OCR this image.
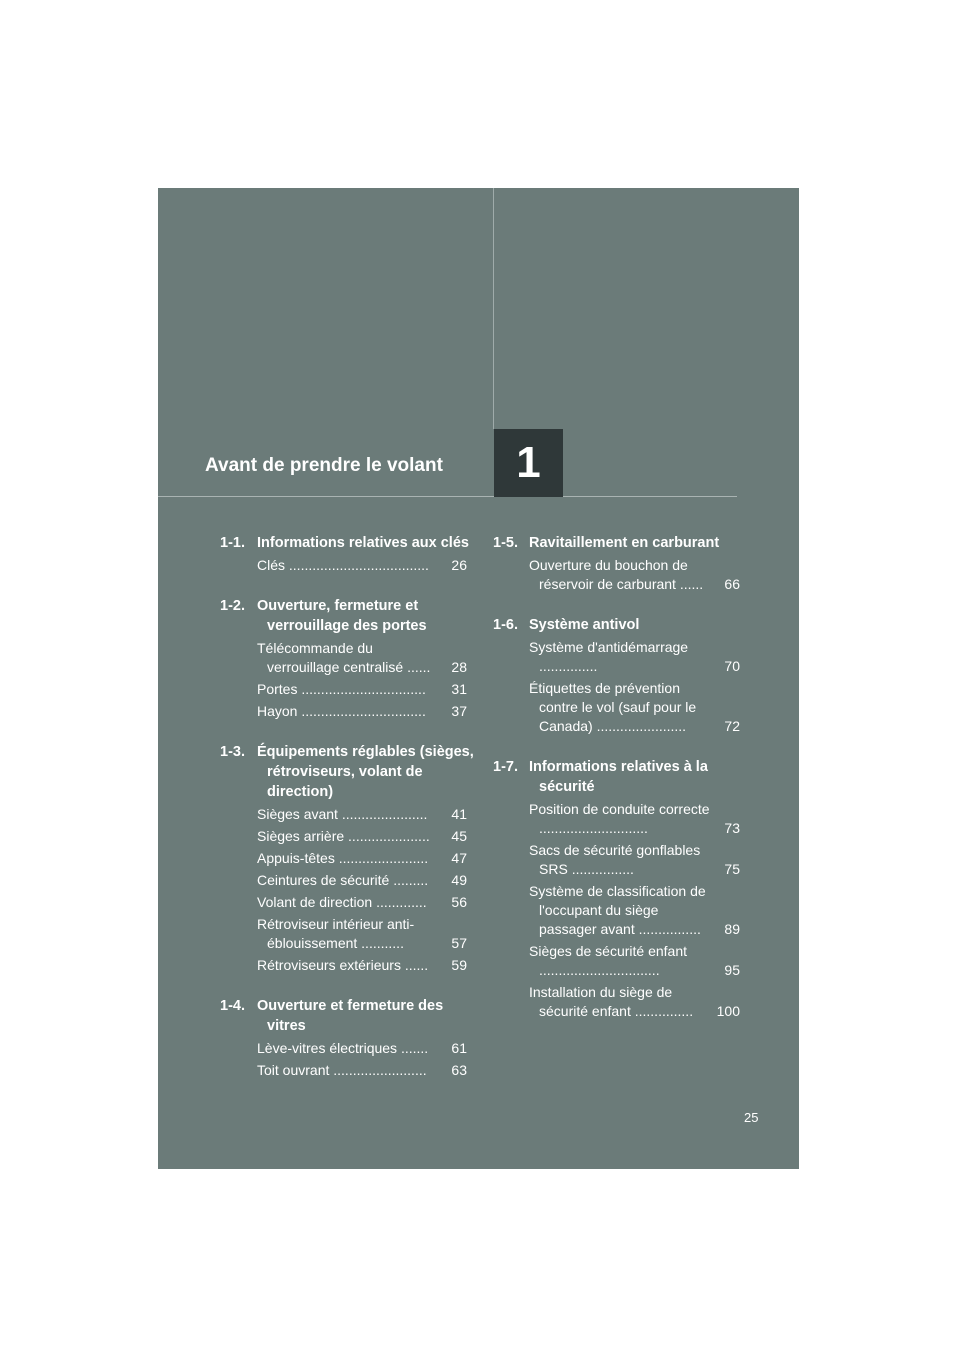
Avant de prendre le volant	1
1-1. Informations relatives aux clés
Clés .................................... 26
1-2. Ouverture, fermeture et verrouillage des portes
Télécommande du verrouillage centralisé ...... 28
Portes ................................ 31
Hayon ................................ 37
1-3. Équipements réglables (sièges, rétroviseurs, volant de direction)
Sièges avant ...................... 41
Sièges arrière ..................... 45
Appuis-têtes ....................... 47
Ceintures de sécurité ......... 49
Volant de direction ............. 56
Rétroviseur intérieur anti-éblouissement ...........	57
Rétroviseurs extérieurs ...... 59
1-4. Ouverture et fermeture des vitres
Lève-vitres électriques ....... 61
Toit ouvrant ........................ 63
1-5. Ravitaillement en carburant
Ouverture du bouchon de réservoir de carburant ...... 66
1-6. Système antivol
Système d'antidémarrage ...............	70
Étiquettes de prévention contre le vol (sauf pour le Canada) .......................	72
1-7. Informations relatives à la sécurité
Position de conduite correcte ............................	73
Sacs de sécurité gonflables SRS ................	75
Système de classification de l'occupant du siège passager avant ................ 89
Sièges de sécurité enfant ...............................	95
Installation du siège de sécurité enfant ............... 100
25
